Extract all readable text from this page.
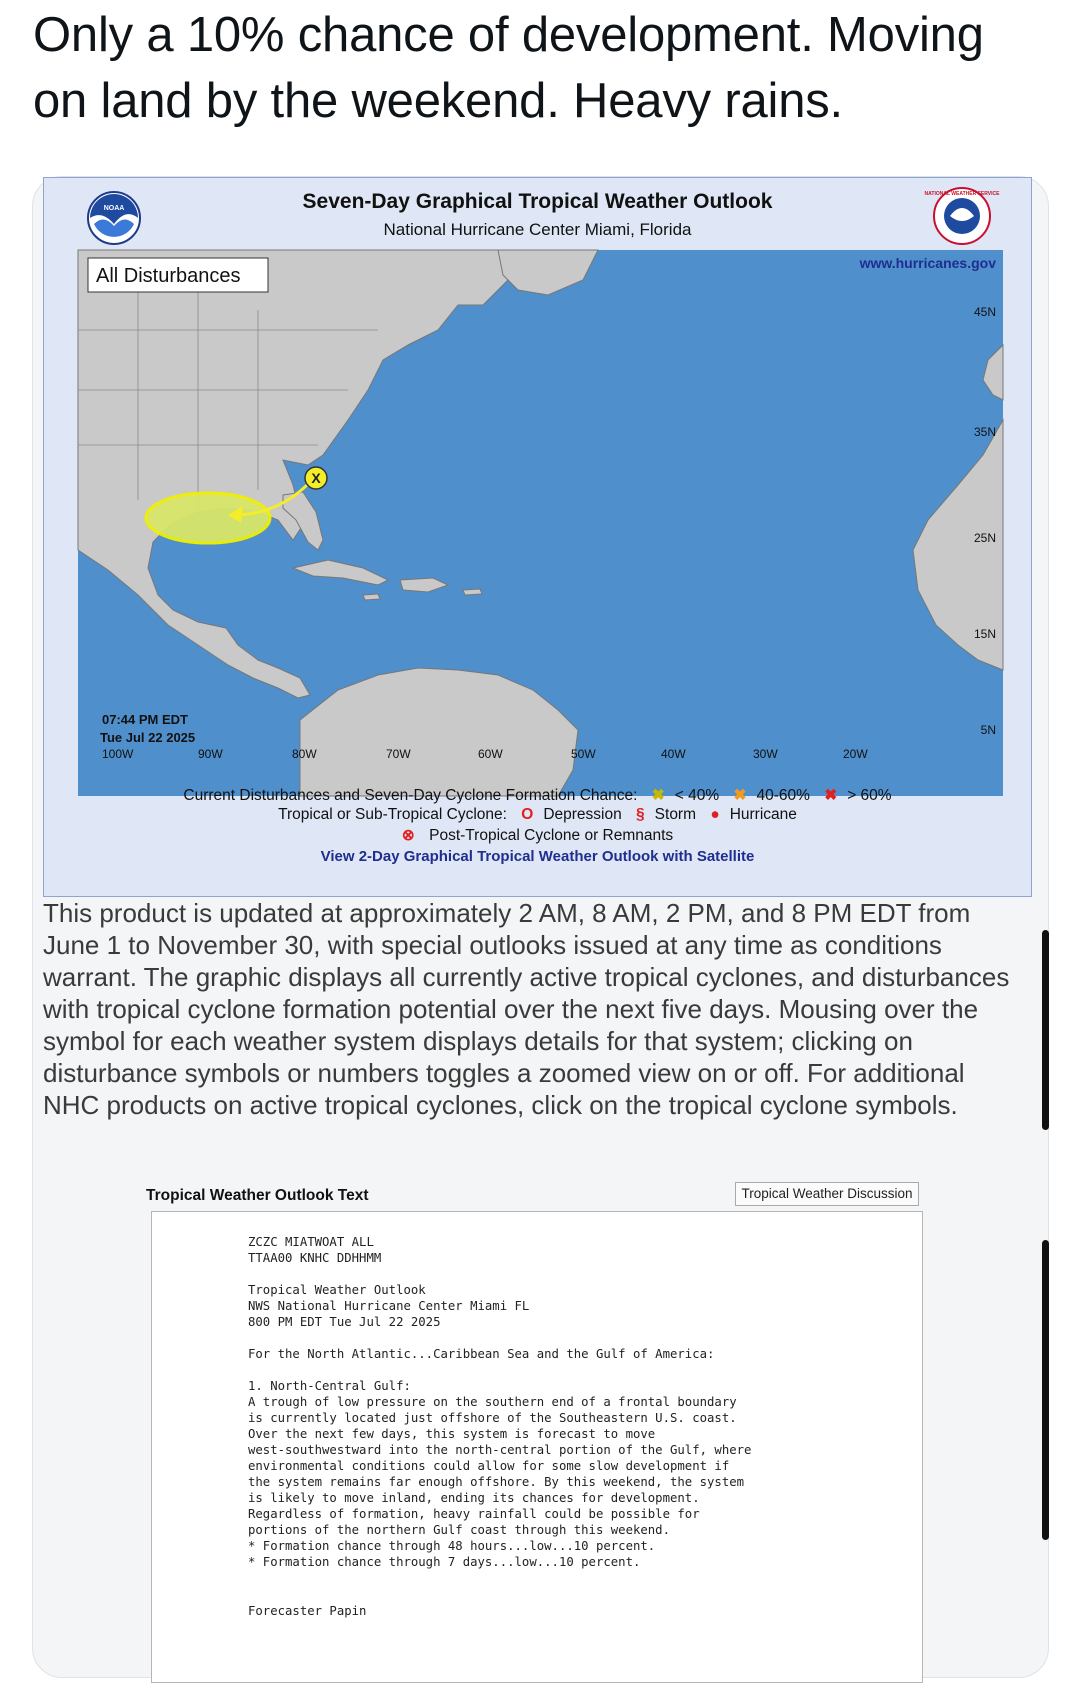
Only a 10% chance of development. Moving on land by the weekend. Heavy rains.
NOAA	Seven-Day Graphical Tropical Weather Outlook
National Hurricane Center Miami, Florida
NATIONAL WEATHER SERVICE
X
All Disturbances
www.hurricanes.gov
45N
35N
25N
15N
5N
07:44 PM EDT
Tue Jul 22 2025
100W	90W	80W	70W	60W	50W	40W	30W	20W
Current Disturbances and Seven-Day Cyclone Formation Chance: ✖ < 40% ✖ 40-60% ✖ > 60%
Tropical or Sub-Tropical Cyclone: O Depression § Storm ● Hurricane
⊗ Post-Tropical Cyclone or Remnants
View 2-Day Graphical Tropical Weather Outlook with Satellite
This product is updated at approximately 2 AM, 8 AM, 2 PM, and 8 PM EDT from June 1 to November 30, with special outlooks issued at any time as conditions warrant. The graphic displays all currently active tropical cyclones, and disturbances with tropical cyclone formation potential over the next five days. Mousing over the symbol for each weather system displays details for that system; clicking on disturbance symbols or numbers toggles a zoomed view on or off. For additional NHC products on active tropical cyclones, click on the tropical cyclone symbols.
Tropical Weather Outlook Text	Tropical Weather Discussion
ZCZC MIATWOAT ALL
TTAA00 KNHC DDHHMM

Tropical Weather Outlook
NWS National Hurricane Center Miami FL
800 PM EDT Tue Jul 22 2025

For the North Atlantic...Caribbean Sea and the Gulf of America:

1. North-Central Gulf:
A trough of low pressure on the southern end of a frontal boundary
is currently located just offshore of the Southeastern U.S. coast.
Over the next few days, this system is forecast to move
west-southwestward into the north-central portion of the Gulf, where
environmental conditions could allow for some slow development if
the system remains far enough offshore. By this weekend, the system
is likely to move inland, ending its chances for development.
Regardless of formation, heavy rainfall could be possible for
portions of the northern Gulf coast through this weekend.
* Formation chance through 48 hours...low...10 percent.
* Formation chance through 7 days...low...10 percent.
Forecaster Papin
